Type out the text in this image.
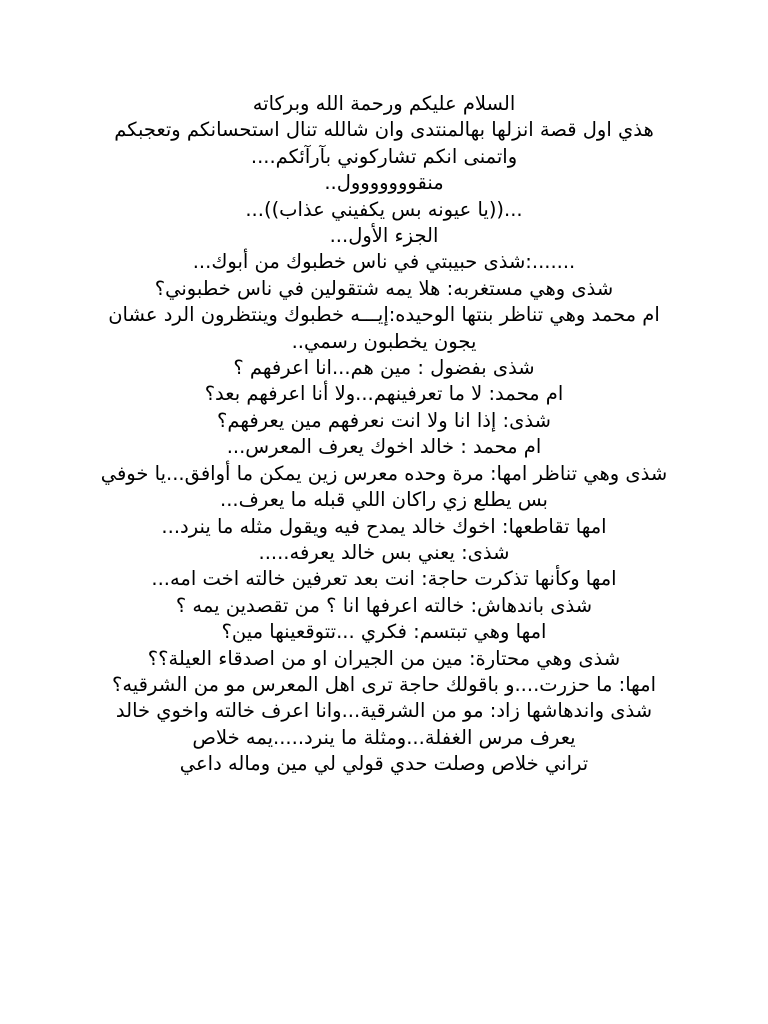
السلام عليكم ورحمة الله وبركاته
هذي اول قصة انزلها بهالمنتدى وان شالله تنال استحسانكم وتعجبكم
واتمنى انكم تشاركوني بآرآئكم....
منقووووووول..
...((يا عيونه بس يكفيني عذاب))...
الجزء الأول...
.......:شذى حبيبتي في ناس خطبوك من أبوك...
شذى وهي مستغربه: هلا يمه شتقولين في ناس خطبوني؟
ام محمد وهي تناظر بنتها الوحيده:إيـــه خطبوك وينتظرون الرد عشان يجون يخطبون رسمي..
شذى بفضول : مين هم...انا اعرفهم ؟
ام محمد: لا ما تعرفينهم...ولا أنا اعرفهم بعد؟
شذى: إذا انا ولا انت نعرفهم مين يعرفهم؟
ام محمد : خالد اخوك يعرف المعرس...
شذى وهي تناظر امها: مرة وحده معرس زين يمكن ما أوافق...يا خوفي بس يطلع زي راكان اللي قبله ما يعرف...
امها تقاطعها: اخوك خالد يمدح فيه ويقول مثله ما ينرد...
شذى: يعني بس خالد يعرفه.....
امها وكأنها تذكرت حاجة: انت بعد تعرفين خالته اخت امه...
شذى باندهاش: خالته اعرفها انا ؟ من تقصدين يمه ؟
امها وهي تبتسم: فكري ...تتوقعينها مين؟
شذى وهي محتارة: مين من الجيران او من اصدقاء العيلة؟؟
امها: ما حزرت....و باقولك حاجة ترى اهل المعرس مو من الشرقيه؟
شذى واندهاشها زاد: مو من الشرقية...وانا اعرف خالته واخوي خالد يعرف مرس الغفلة...ومثلة ما ينرد.....يمه خلاص
تراني خلاص وصلت حدي قولي لي مين وماله داعي
